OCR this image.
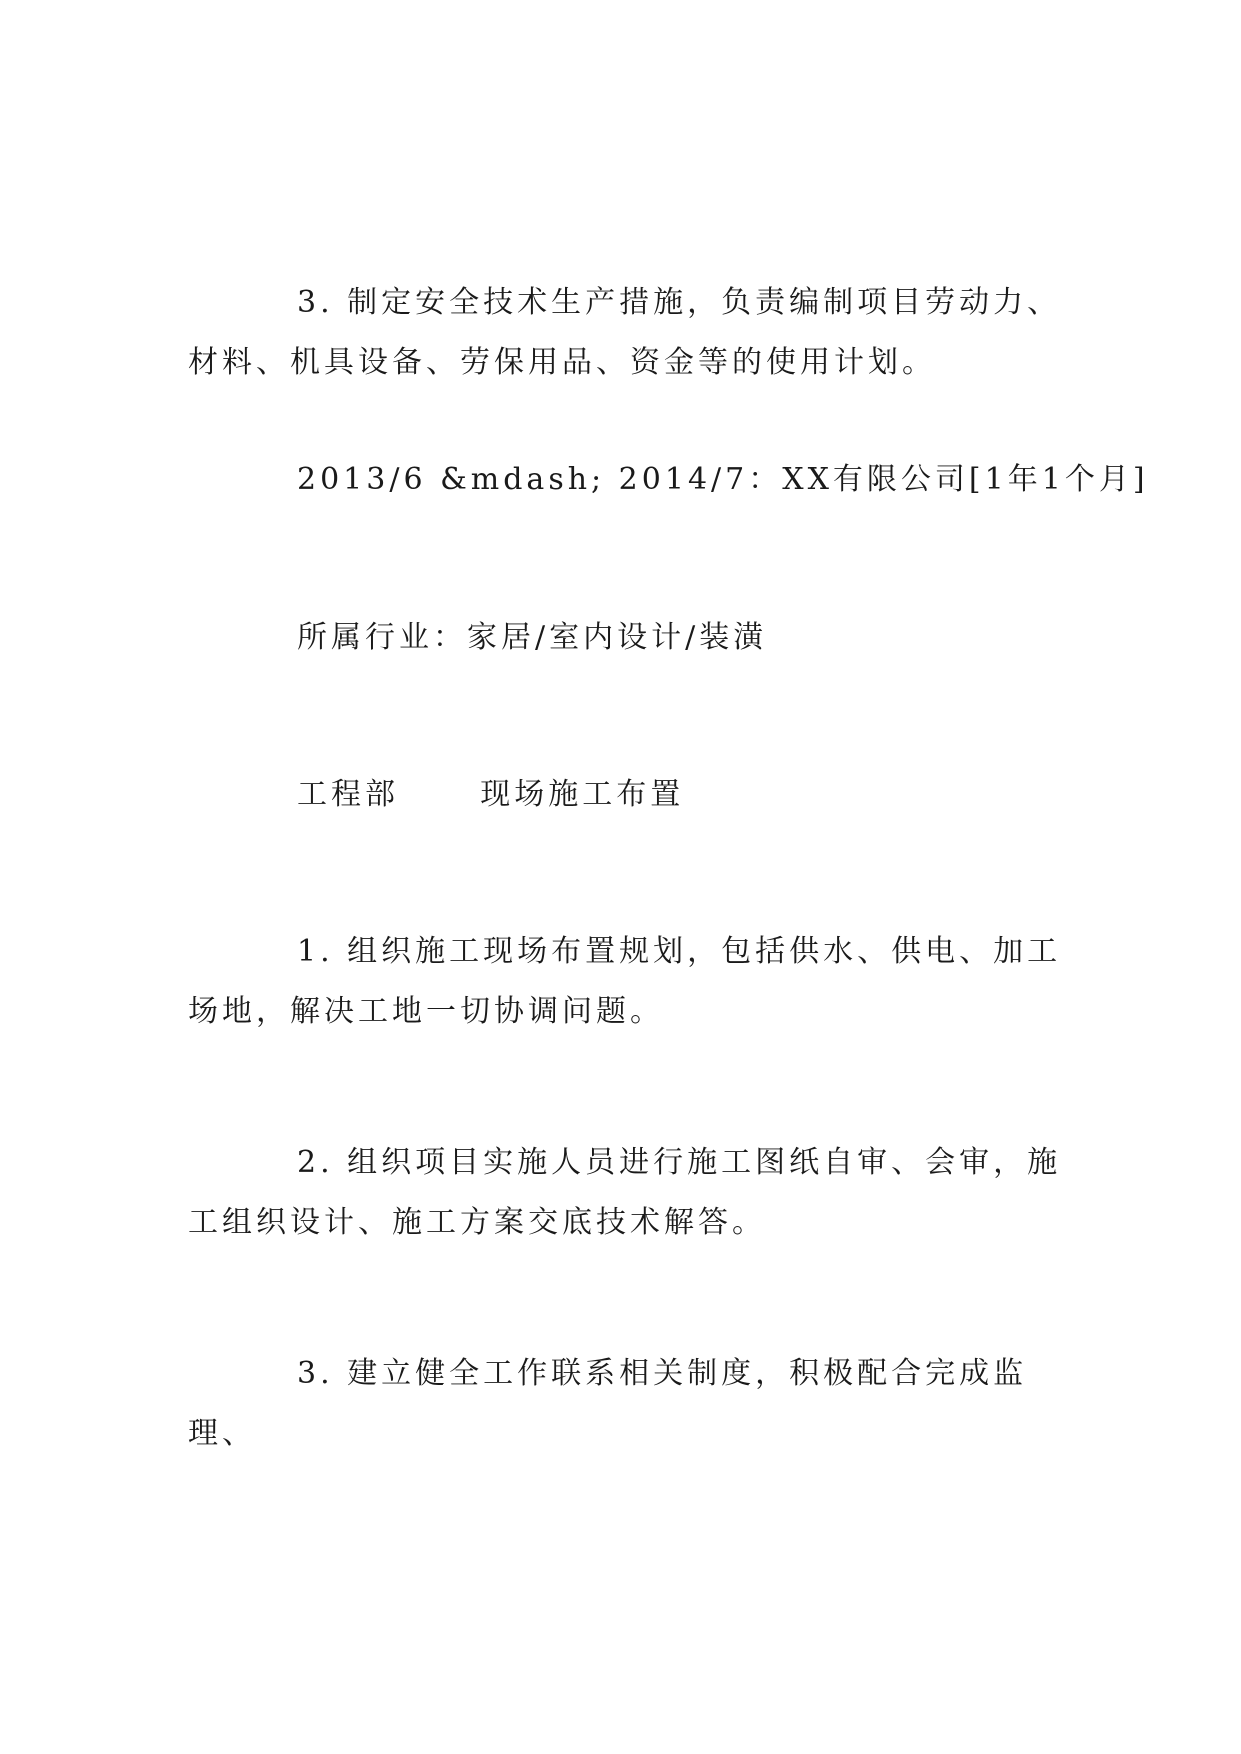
3. 制定安全技术生产措施，负责编制项目劳动力、材料、机具设备、劳保用品、资金等的使用计划。

2013/6 &mdash; 2014/7：XX有限公司[1年1个月]

所属行业：家居/室内设计/装潢

工程部      现场施工布置

1. 组织施工现场布置规划，包括供水、供电、加工场地，解决工地一切协调问题。

2. 组织项目实施人员进行施工图纸自审、会审，施工组织设计、施工方案交底技术解答。

3. 建立健全工作联系相关制度，积极配合完成监理、
